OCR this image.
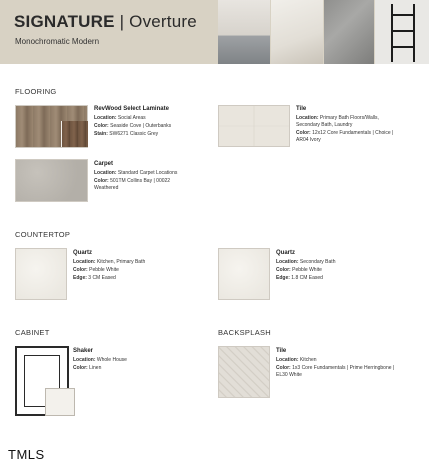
SIGNATURE | Overture
Monochromatic Modern
FLOORING
RevWood Select Laminate
Location: Social Areas
Color: Seaside Cove | Outerbanks
Stain: SW6271 Classic Grey
Tile
Location: Primary Bath Floors/Walls,
Secondary Bath, Laundry
Color: 12x12 Core Fundamentals | Choice |
AR04 Ivory
Carpet
Location: Standard Carpet Locations
Color: 501TM Collins Bay | 00022
Weathered
COUNTERTOP
Quartz
Location: Kitchen, Primary Bath
Color: Pebble White
Edge: 3 CM Eased
Quartz
Location: Secondary Bath
Color: Pebble White
Edge: 1.8 CM Eased
CABINET
Shaker
Location: Whole House
Color: Linen
BACKSPLASH
Tile
Location: Kitchen
Color: 1x3 Core Fundamentals | Prime Herringbone |
EL30 White
TMLS
